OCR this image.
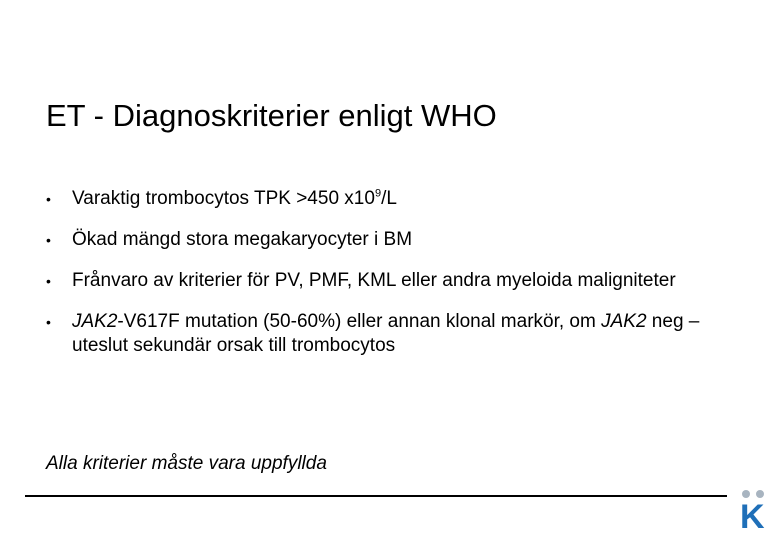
ET - Diagnoskriterier enligt WHO
• Varaktig trombocytos TPK >450 $x10^9/L$
• Ökad mängd stora megakaryocyter i BM
• Frånvaro av kriterier för PV, PMF, KML eller andra myeloida maligniteter
• JAK2-V617F mutation (50-60%) eller annan klonal markör, om JAK2 neg – uteslut sekundär orsak till trombocytos
Alla kriterier måste vara uppfyllda
K
